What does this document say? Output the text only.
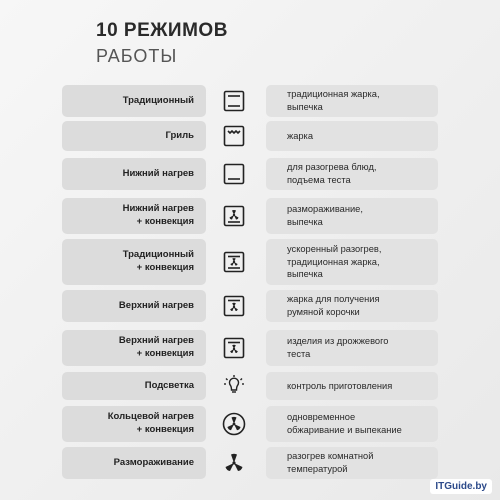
10 РЕЖИМОВ
РАБОТЫ
Традиционный
традиционная жарка,
выпечка
Гриль	жарка
Нижний нагрев
для разогрева блюд,
подъема теста
Нижний нагрев
+ конвекция
размораживание,
выпечка
Традиционный
+ конвекция
ускоренный разогрев,
традиционная жарка,
выпечка
Верхний нагрев
жарка для получения
румяной корочки
Верхний нагрев
+ конвекция
изделия из дрожжевого
теста
Подсветка	контроль приготовления
Кольцевой нагрев
+ конвекция
одновременное
обжаривание и выпекание
Размораживание
разогрев комнатной
температурой
ITGuide.by
